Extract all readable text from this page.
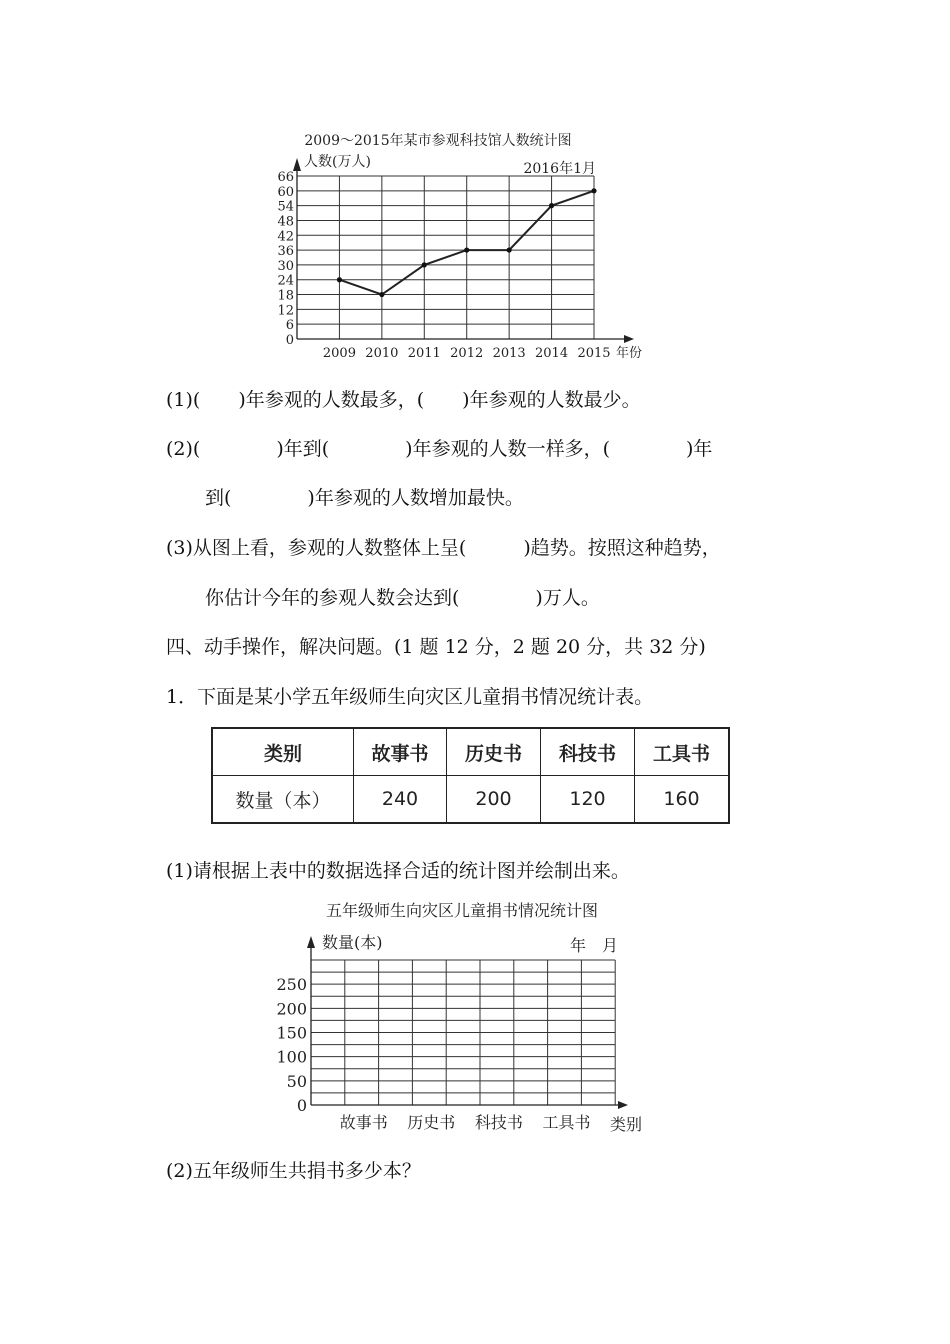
2009～2015年某市参观科技馆人数统计图
人数(万人)	2016年1月
0
6
12
18
24
30
36
42
48
54
60
66
2009 2010 2011 2012 2013 2014 2015 年份
(1)(　　)年参观的人数最多，(　　)年参观的人数最少。
(2)(　　　　)年到(　　　　)年参观的人数一样多，(　　　　)年
到(　　　　)年参观的人数增加最快。
(3)从图上看，参观的人数整体上呈(　　　)趋势。按照这种趋势，
你估计今年的参观人数会达到(　　　　)万人。
四、动手操作，解决问题。(1 题 12 分，2 题 20 分，共 32 分)
1．下面是某小学五年级师生向灾区儿童捐书情况统计表。
类别	故事书	历史书	科技书	工具书
数量（本）	240	200	120	160
(1)请根据上表中的数据选择合适的统计图并绘制出来。
五年级师生向灾区儿童捐书情况统计图
数量(本)	年　月
0
50
100
150
200
250
故事书 历史书 科技书 工具书 类别
(2)五年级师生共捐书多少本？
